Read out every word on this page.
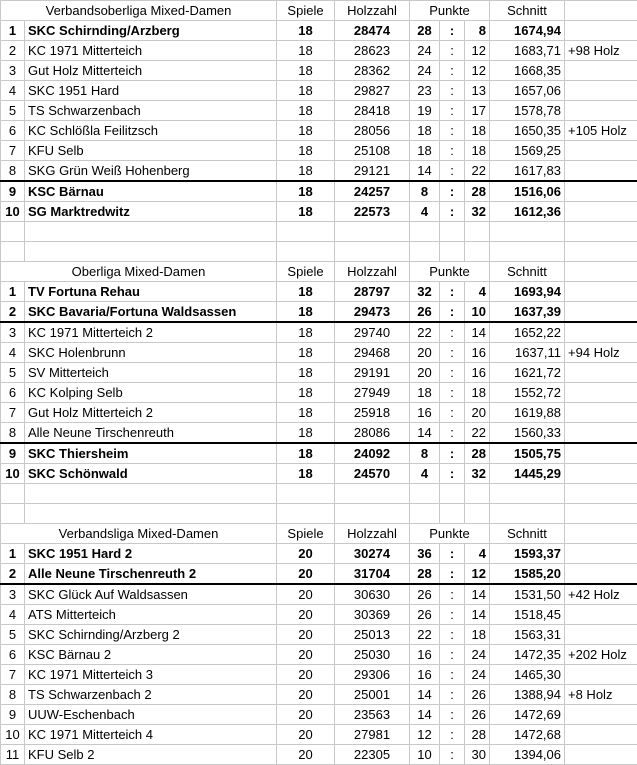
Verbandsoberliga Mixed-Damen		Spiele	Holzzahl	Punkte			Schnitt	
1	SKC Schirnding/Arzberg	18	28474	28	:	8	1674,94	
2	KC 1971 Mitterteich	18	28623	24	:	12	1683,71	+98 Holz
3	Gut Holz Mitterteich	18	28362	24	:	12	1668,35	
4	SKC 1951 Hard	18	29827	23	:	13	1657,06	
5	TS Schwarzenbach	18	28418	19	:	17	1578,78	
6	KC Schlößla Feilitzsch	18	28056	18	:	18	1650,35	+105 Holz
7	KFU Selb	18	25108	18	:	18	1569,25	
8	SKG Grün Weiß Hohenberg	18	29121	14	:	22	1617,83	
9	KSC Bärnau	18	24257	8	:	28	1516,06	
10	SG Marktredwitz	18	22573	4	:	32	1612,36	

Oberliga Mixed-Damen		Spiele	Holzzahl	Punkte			Schnitt	
1	TV Fortuna Rehau	18	28797	32	:	4	1693,94	
2	SKC Bavaria/Fortuna Waldsassen	18	29473	26	:	10	1637,39	
3	KC 1971 Mitterteich 2	18	29740	22	:	14	1652,22	
4	SKC Holenbrunn	18	29468	20	:	16	1637,11	+94 Holz
5	SV Mitterteich	18	29191	20	:	16	1621,72	
6	KC Kolping Selb	18	27949	18	:	18	1552,72	
7	Gut Holz Mitterteich 2	18	25918	16	:	20	1619,88	
8	Alle Neune Tirschenreuth	18	28086	14	:	22	1560,33	
9	SKC Thiersheim	18	24092	8	:	28	1505,75	
10	SKC Schönwald	18	24570	4	:	32	1445,29	

Verbandsliga Mixed-Damen		Spiele	Holzzahl	Punkte			Schnitt	
1	SKC 1951 Hard 2	20	30274	36	:	4	1593,37	
2	Alle Neune Tirschenreuth 2	20	31704	28	:	12	1585,20	
3	SKC Glück Auf Waldsassen	20	30630	26	:	14	1531,50	+42 Holz
4	ATS Mitterteich	20	30369	26	:	14	1518,45	
5	SKC Schirnding/Arzberg 2	20	25013	22	:	18	1563,31	
6	KSC Bärnau 2	20	25030	16	:	24	1472,35	+202 Holz
7	KC 1971 Mitterteich 3	20	29306	16	:	24	1465,30	
8	TS Schwarzenbach 2	20	25001	14	:	26	1388,94	+8 Holz
9	UUW-Eschenbach	20	23563	14	:	26	1472,69	
10	KC 1971 Mitterteich 4	20	27981	12	:	28	1472,68	
11	KFU Selb 2	20	22305	10	:	30	1394,06	
